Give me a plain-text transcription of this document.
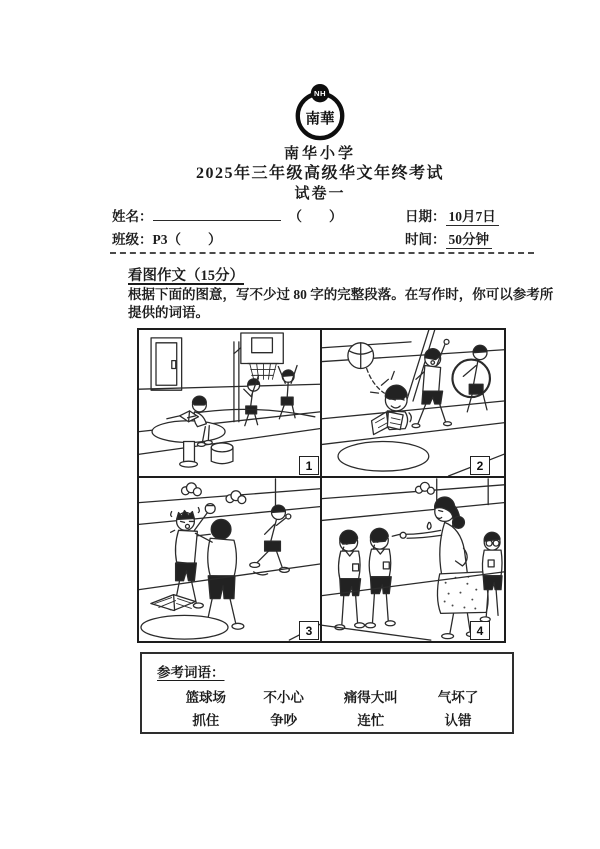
NH
南華
南华小学
2025年三年级高级华文年终考试
试卷一
姓名：	（　　）
班级：P3（　　）
日期： 10月7日
时间： 50分钟
看图作文（15分）
根据下面的图意，写不少过 80 字的完整段落。在写作时，你可以参考所提供的词语。
1	2
3	4
参考词语：
篮球场	不小心	痛得大叫	气坏了
抓住	争吵	连忙	认错
